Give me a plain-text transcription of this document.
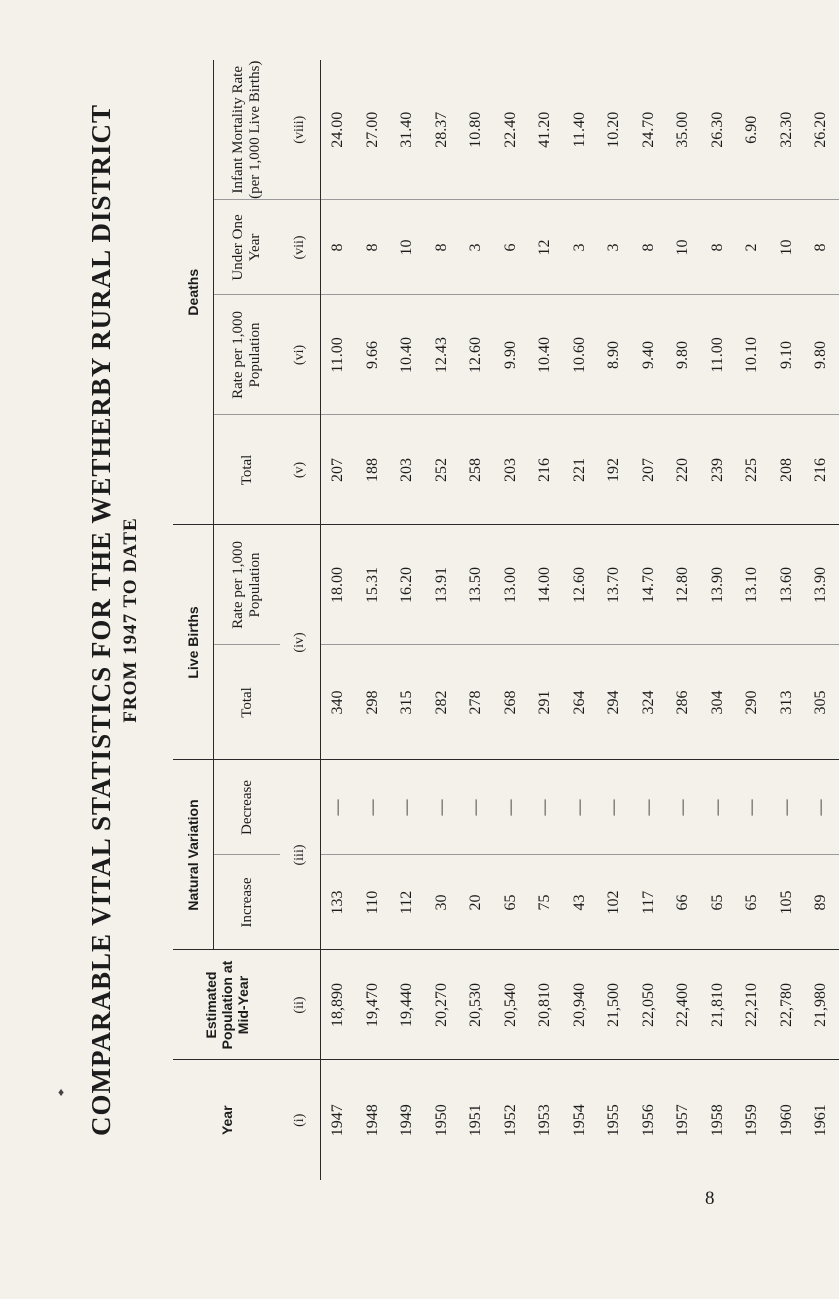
COMPARABLE VITAL STATISTICS FOR THE WETHERBY RURAL DISTRICT FROM 1947 TO DATE
Year	Estimated Population at Mid-Year	Natural Variation		Live Births		Deaths			
		Increase	Decrease	Total	Rate per 1,000 Population	Total	Rate per 1,000 Population	Under One Year	Infant Mortality Rate (per 1,000 Live Births)
(i)	(ii)	(iii)		(iv)		(v)	(vi)	(vii)	(viii)
1947	18,890	133	—	340	18.00	207	11.00	8	24.00
1948	19,470	110	—	298	15.31	188	9.66	8	27.00
1949	19,440	112	—	315	16.20	203	10.40	10	31.40
1950	20,270	30	—	282	13.91	252	12.43	8	28.37
1951	20,530	20	—	278	13.50	258	12.60	3	10.80
1952	20,540	65	—	268	13.00	203	9.90	6	22.40
1953	20,810	75	—	291	14.00	216	10.40	12	41.20
1954	20,940	43	—	264	12.60	221	10.60	3	11.40
1955	21,500	102	—	294	13.70	192	8.90	3	10.20
1956	22,050	117	—	324	14.70	207	9.40	8	24.70
1957	22,400	66	—	286	12.80	220	9.80	10	35.00
1958	21,810	65	—	304	13.90	239	11.00	8	26.30
1959	22,210	65	—	290	13.10	225	10.10	2	6.90
1960	22,780	105	—	313	13.60	208	9.10	10	32.30
1961	21,980	89	—	305	13.90	216	9.80	8	26.20
♦
8
